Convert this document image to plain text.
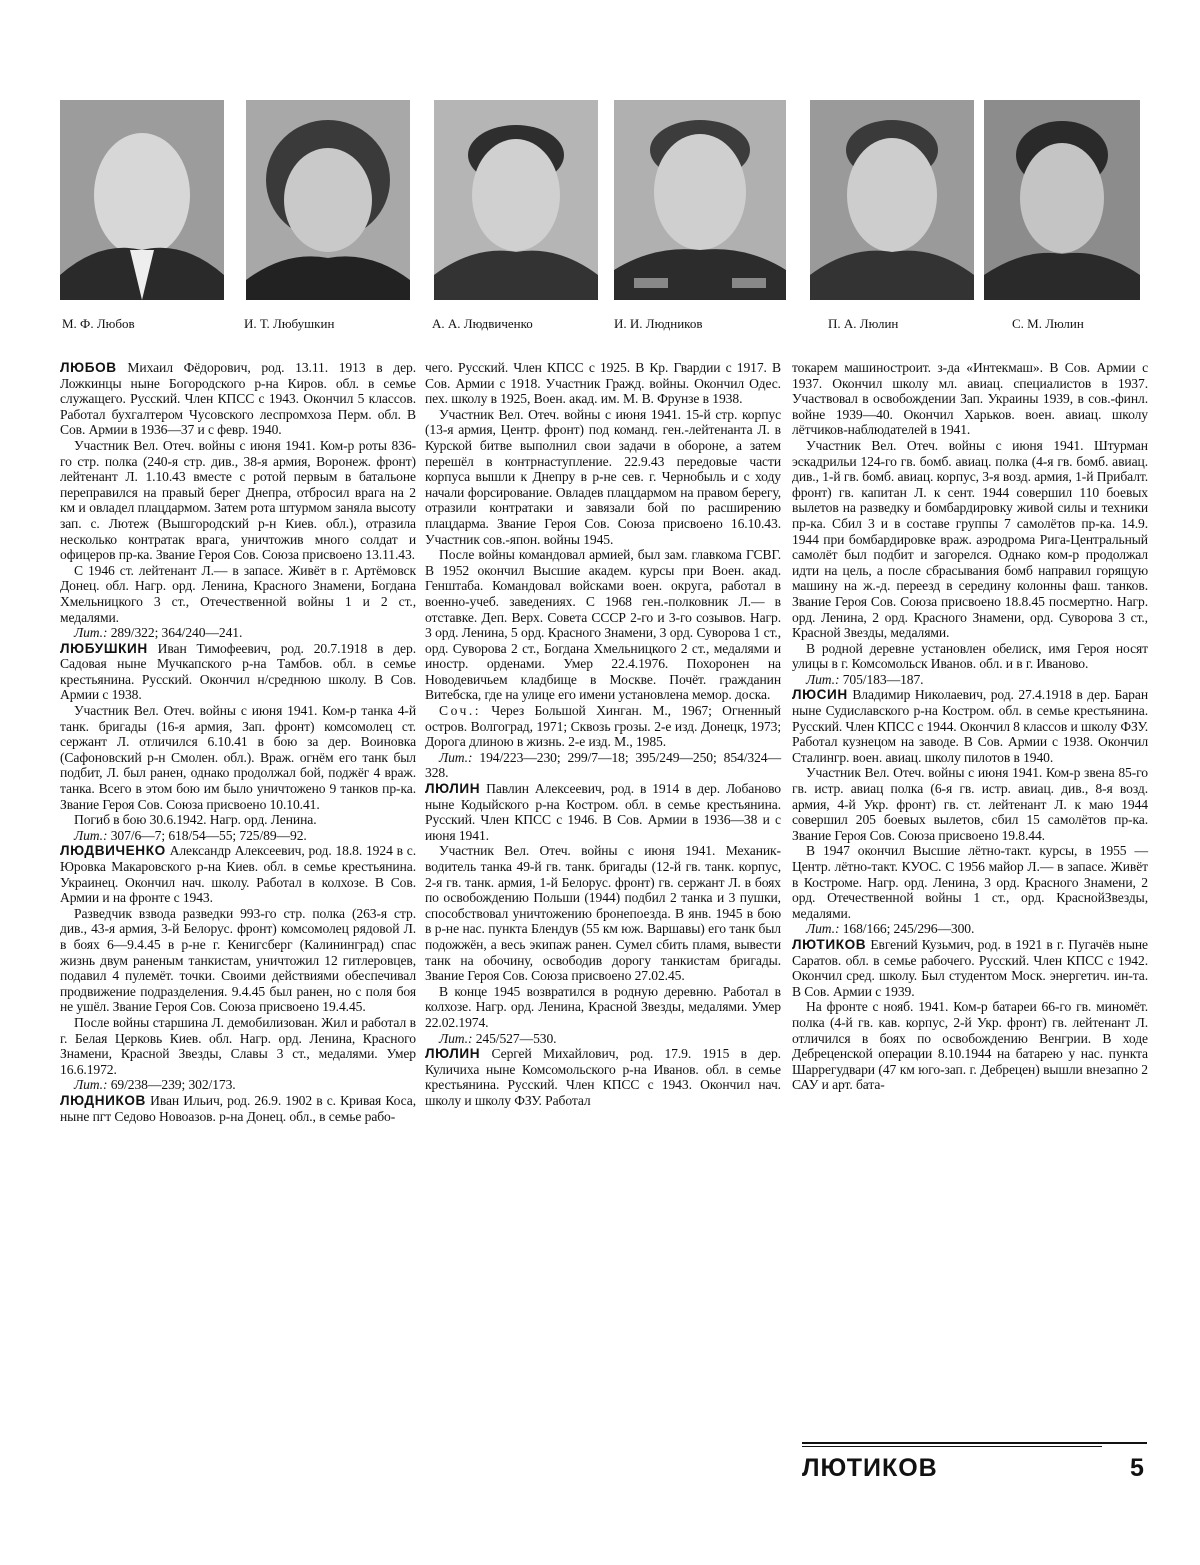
М. Ф. Любов	И. Т. Любушкин	А. А. Людвиченко	И. И. Людников	П. А. Люлин	С. М. Люлин

ЛЮБОВ Михаил Фёдорович, род. 13.11. 1913 в дер. Ложкинцы ныне Богородского р-на Киров. обл. в семье служащего. Русский. Член КПСС с 1943. Окончил 5 классов. Работал бухгалтером Чусовского леспромхоза Перм. обл. В Сов. Армии в 1936—37 и с февр. 1940.

Участник Вел. Отеч. войны с июня 1941. Ком-р роты 836-го стр. полка (240-я стр. див., 38-я армия, Воронеж. фронт) лейтенант Л. 1.10.43 вместе с ротой первым в батальоне переправился на правый берег Днепра, отбросил врага на 2 км и овладел плацдармом. Затем рота штурмом заняла высоту зап. с. Лютеж (Вышгородский р-н Киев. обл.), отразила несколько контратак врага, уничтожив много солдат и офицеров пр-ка. Звание Героя Сов. Союза присвоено 13.11.43.

С 1946 ст. лейтенант Л.— в запасе. Живёт в г. Артёмовск Донец. обл. Нагр. орд. Ленина, Красного Знамени, Богдана Хмельницкого 3 ст., Отечественной войны 1 и 2 ст., медалями.

Лит.: 289/322; 364/240—241.

ЛЮБУШКИН Иван Тимофеевич, род. 20.7.1918 в дер. Садовая ныне Мучкапского р-на Тамбов. обл. в семье крестьянина. Русский. Окончил н/среднюю школу. В Сов. Армии с 1938.

Участник Вел. Отеч. войны с июня 1941. Ком-р танка 4-й танк. бригады (16-я армия, Зап. фронт) комсомолец ст. сержант Л. отличился 6.10.41 в бою за дер. Воиновка (Сафоновский р-н Смолен. обл.). Враж. огнём его танк был подбит, Л. был ранен, однако продолжал бой, поджёг 4 враж. танка. Всего в этом бою им было уничтожено 9 танков пр-ка. Звание Героя Сов. Союза присвоено 10.10.41.

Погиб в бою 30.6.1942. Нагр. орд. Ленина.

Лит.: 307/6—7; 618/54—55; 725/89—92.

ЛЮДВИЧЕНКО Александр Алексеевич, род. 18.8. 1924 в с. Юровка Макаровского р-на Киев. обл. в семье крестьянина. Украинец. Окончил нач. школу. Работал в колхозе. В Сов. Армии и на фронте с 1943.

Разведчик взвода разведки 993-го стр. полка (263-я стр. див., 43-я армия, 3-й Белорус. фронт) комсомолец рядовой Л. в боях 6—9.4.45 в р-не г. Кенигсберг (Калининград) спас жизнь двум раненым танкистам, уничтожил 12 гитлеровцев, подавил 4 пулемёт. точки. Своими действиями обеспечивал продвижение подразделения. 9.4.45 был ранен, но с поля боя не ушёл. Звание Героя Сов. Союза присвоено 19.4.45.

После войны старшина Л. демобилизован. Жил и работал в г. Белая Церковь Киев. обл. Нагр. орд. Ленина, Красного Знамени, Красной Звезды, Славы 3 ст., медалями. Умер 16.6.1972.

Лит.: 69/238—239; 302/173.

ЛЮДНИКОВ Иван Ильич, род. 26.9. 1902 в с. Кривая Коса, ныне пгт Седово Новоазов. р-на Донец. обл., в семье рабо-

чего. Русский. Член КПСС с 1925. В Кр. Гвардии с 1917. В Сов. Армии с 1918. Участник Гражд. войны. Окончил Одес. пех. школу в 1925, Воен. акад. им. М. В. Фрунзе в 1938.

Участник Вел. Отеч. войны с июня 1941. 15-й стр. корпус (13-я армия, Центр. фронт) под команд. ген.-лейтенанта Л. в Курской битве выполнил свои задачи в обороне, а затем перешёл в контрнаступление. 22.9.43 передовые части корпуса вышли к Днепру в р-не сев. г. Чернобыль и с ходу начали форсирование. Овладев плацдармом на правом берегу, отразили контратаки и завязали бой по расширению плацдарма. Звание Героя Сов. Союза присвоено 16.10.43. Участник сов.-япон. войны 1945.

После войны командовал армией, был зам. главкома ГСВГ. В 1952 окончил Высшие академ. курсы при Воен. акад. Генштаба. Командовал войсками воен. округа, работал в военно-учеб. заведениях. С 1968 ген.-полковник Л.— в отставке. Деп. Верх. Совета СССР 2-го и 3-го созывов. Нагр. 3 орд. Ленина, 5 орд. Красного Знамени, 3 орд. Суворова 1 ст., орд. Суворова 2 ст., Богдана Хмельницкого 2 ст., медалями и иностр. орденами. Умер 22.4.1976. Похоронен на Новодевичьем кладбище в Москве. Почёт. гражданин Витебска, где на улице его имени установлена мемор. доска.

Соч.: Через Большой Хинган. М., 1967; Огненный остров. Волгоград, 1971; Сквозь грозы. 2-е изд. Донецк, 1973; Дорога длиною в жизнь. 2-е изд. М., 1985.

Лит.: 194/223—230; 299/7—18; 395/249—250; 854/324—328.

ЛЮЛИН Павлин Алексеевич, род. в 1914 в дер. Лобаново ныне Кодыйского р-на Костром. обл. в семье крестьянина. Русский. Член КПСС с 1946. В Сов. Армии в 1936—38 и с июня 1941.

Участник Вел. Отеч. войны с июня 1941. Механик-водитель танка 49-й гв. танк. бригады (12-й гв. танк. корпус, 2-я гв. танк. армия, 1-й Белорус. фронт) гв. сержант Л. в боях по освобождению Польши (1944) подбил 2 танка и 3 пушки, способствовал уничтожению бронепоезда. В янв. 1945 в бою в р-не нас. пункта Блендув (55 км юж. Варшавы) его танк был подожжён, а весь экипаж ранен. Сумел сбить пламя, вывести танк на обочину, освободив дорогу танкистам бригады. Звание Героя Сов. Союза присвоено 27.02.45.

В конце 1945 возвратился в родную деревню. Работал в колхозе. Нагр. орд. Ленина, Красной Звезды, медалями. Умер 22.02.1974.

Лит.: 245/527—530.

ЛЮЛИН Сергей Михайлович, род. 17.9. 1915 в дер. Куличиха ныне Комсомольского р-на Иванов. обл. в семье крестьянина. Русский. Член КПСС с 1943. Окончил нач. школу и школу ФЗУ. Работал

токарем машиностроит. з-да «Интекмаш». В Сов. Армии с 1937. Окончил школу мл. авиац. специалистов в 1937. Участвовал в освобождении Зап. Украины 1939, в сов.-финл. войне 1939—40. Окончил Харьков. воен. авиац. школу лётчиков-наблюдателей в 1941.

Участник Вел. Отеч. войны с июня 1941. Штурман эскадрильи 124-го гв. бомб. авиац. полка (4-я гв. бомб. авиац. див., 1-й гв. бомб. авиац. корпус, 3-я возд. армия, 1-й Прибалт. фронт) гв. капитан Л. к сент. 1944 совершил 110 боевых вылетов на разведку и бомбардировку живой силы и техники пр-ка. Сбил 3 и в составе группы 7 самолётов пр-ка. 14.9. 1944 при бомбардировке враж. аэродрома Рига-Центральный самолёт был подбит и загорелся. Однако ком-р продолжал идти на цель, а после сбрасывания бомб направил горящую машину на ж.-д. переезд в середину колонны фаш. танков. Звание Героя Сов. Союза присвоено 18.8.45 посмертно. Нагр. орд. Ленина, 2 орд. Красного Знамени, орд. Суворова 3 ст., Красной Звезды, медалями.

В родной деревне установлен обелиск, имя Героя носят улицы в г. Комсомольск Иванов. обл. и в г. Иваново.

Лит.: 705/183—187.

ЛЮСИН Владимир Николаевич, род. 27.4.1918 в дер. Баран ныне Судиславского р-на Костром. обл. в семье крестьянина. Русский. Член КПСС с 1944. Окончил 8 классов и школу ФЗУ. Работал кузнецом на заводе. В Сов. Армии с 1938. Окончил Сталингр. воен. авиац. школу пилотов в 1940.

Участник Вел. Отеч. войны с июня 1941. Ком-р звена 85-го гв. истр. авиац полка (6-я гв. истр. авиац. див., 8-я возд. армия, 4-й Укр. фронт) гв. ст. лейтенант Л. к маю 1944 совершил 205 боевых вылетов, сбил 15 самолётов пр-ка. Звание Героя Сов. Союза присвоено 19.8.44.

В 1947 окончил Высшие лётно-такт. курсы, в 1955 — Центр. лётно-такт. КУОС. С 1956 майор Л.— в запасе. Живёт в Костроме. Нагр. орд. Ленина, 3 орд. Красного Знамени, 2 орд. Отечественной войны 1 ст., орд. КраснойЗвезды, медалями.

Лит.: 168/166; 245/296—300.

ЛЮТИКОВ Евгений Кузьмич, род. в 1921 в г. Пугачёв ныне Саратов. обл. в семье рабочего. Русский. Член КПСС с 1942. Окончил сред. школу. Был студентом Моск. энергетич. ин-та. В Сов. Армии с 1939.

На фронте с нояб. 1941. Ком-р батареи 66-го гв. миномёт. полка (4-й гв. кав. корпус, 2-й Укр. фронт) гв. лейтенант Л. отличился в боях по освобождению Венгрии. В ходе Дебреценской операции 8.10.1944 на батарею у нас. пункта Шаррегудвари (47 км юго-зап. г. Дебрецен) вышли внезапно 2 САУ и арт. бата-

ЛЮТИКОВ	5
